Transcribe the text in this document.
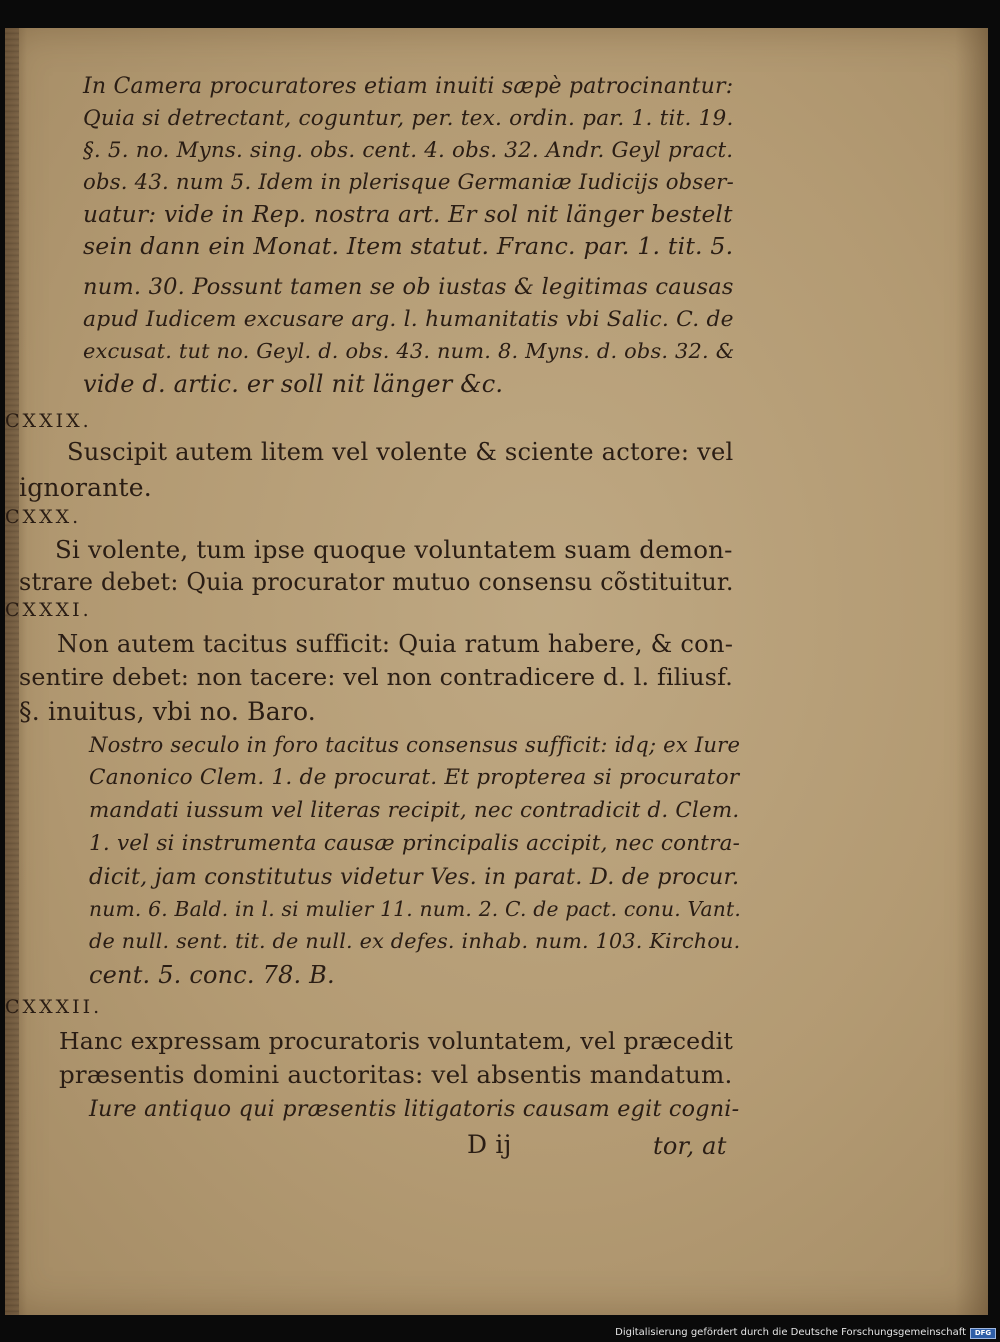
In Camera procuratores etiam inuiti sæpè patrocinantur:
Quia si detrectant, coguntur, per. tex. ordin. par. 1. tit. 19.
§. 5. no. Myns. sing. obs. cent. 4. obs. 32. Andr. Geyl pract.
obs. 43. num 5. Idem in plerisque Germaniæ Iudicijs obser-
uatur: vide in Rep. nostra art. Er sol nit länger bestelt
sein dann ein Monat. Item statut. Franc. par. 1. tit. 5.
num. 30. Possunt tamen se ob iustas & legitimas causas
apud Iudicem excusare arg. l. humanitatis vbi Salic. C. de
excusat. tut no. Geyl. d. obs. 43. num. 8. Myns. d. obs. 32. &
vide d. artic. er soll nit länger &c.
CXXIX.
Suscipit autem litem vel volente & sciente actore: vel
ignorante.
CXXX.
Si volente, tum ipse quoque voluntatem suam demon-
strare debet: Quia procurator mutuo consensu cõstituitur.
CXXXI.
Non autem tacitus sufficit: Quia ratum habere, & con-
sentire debet: non tacere: vel non contradicere d. l. filiusf.
§. inuitus, vbi no. Baro.
Nostro seculo in foro tacitus consensus sufficit: idq; ex Iure
Canonico Clem. 1. de procurat. Et propterea si procurator
mandati iussum vel literas recipit, nec contradicit d. Clem.
1. vel si instrumenta causæ principalis accipit, nec contra-
dicit, jam constitutus videtur Ves. in parat. D. de procur.
num. 6. Bald. in l. si mulier 11. num. 2. C. de pact. conu. Vant.
de null. sent. tit. de null. ex defes. inhab. num. 103. Kirchou.
cent. 5. conc. 78. B.
CXXXII.
Hanc expressam procuratoris voluntatem, vel præcedit
præsentis domini auctoritas: vel absentis mandatum.
Iure antiquo qui præsentis litigatoris causam egit cogni-
D ij	tor, at
Digitalisierung gefördert durch die Deutsche Forschungsgemeinschaft	DFG
